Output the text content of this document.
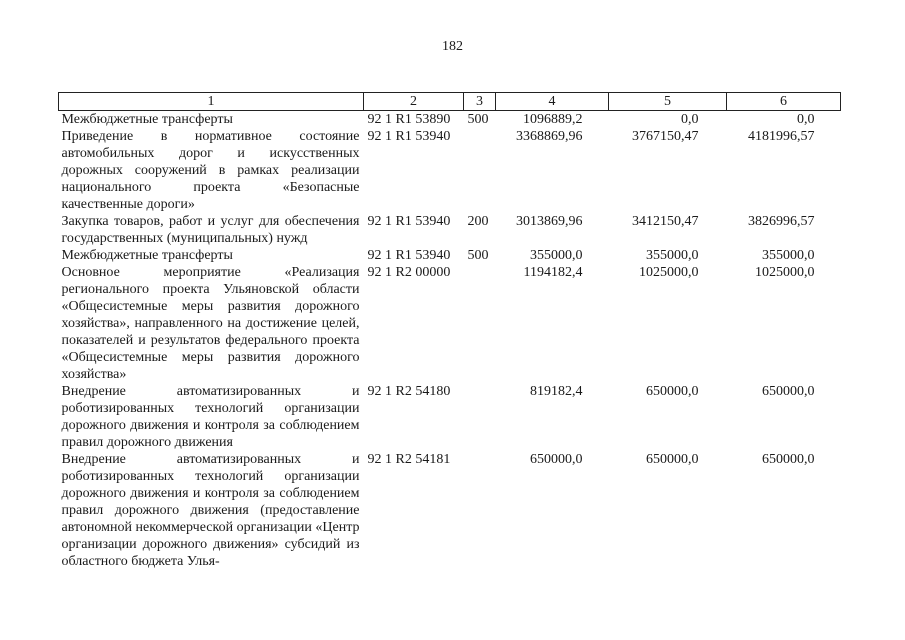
182
1	2	3	4	5	6
Межбюджетные трансферты	92 1 R1 53890	500	1096889,2	0,0	0,0
Приведение в нормативное состояние автомобильных дорог и искусственных дорожных сооружений в рамках реализации национального проекта «Безопасные качественные дороги»	92 1 R1 53940		3368869,96	3767150,47	4181996,57
Закупка товаров, работ и услуг для обеспечения государственных (муниципальных) нужд	92 1 R1 53940	200	3013869,96	3412150,47	3826996,57
Межбюджетные трансферты	92 1 R1 53940	500	355000,0	355000,0	355000,0
Основное мероприятие «Реализация регионального проекта Ульяновской области «Общесистемные меры развития дорожного хозяйства», направленного на достижение целей, показателей и результатов федерального проекта «Общесистемные меры развития дорожного хозяйства»	92 1 R2 00000		1194182,4	1025000,0	1025000,0
Внедрение автоматизированных и роботизированных технологий организации дорожного движения и контроля за соблюдением правил дорожного движения	92 1 R2 54180		819182,4	650000,0	650000,0
Внедрение автоматизированных и роботизированных технологий организации дорожного движения и контроля за соблюдением правил дорожного движения (предоставление автономной некоммерческой организации «Центр организации дорожного движения» субсидий из областного бюджета Улья-	92 1 R2 54181		650000,0	650000,0	650000,0
